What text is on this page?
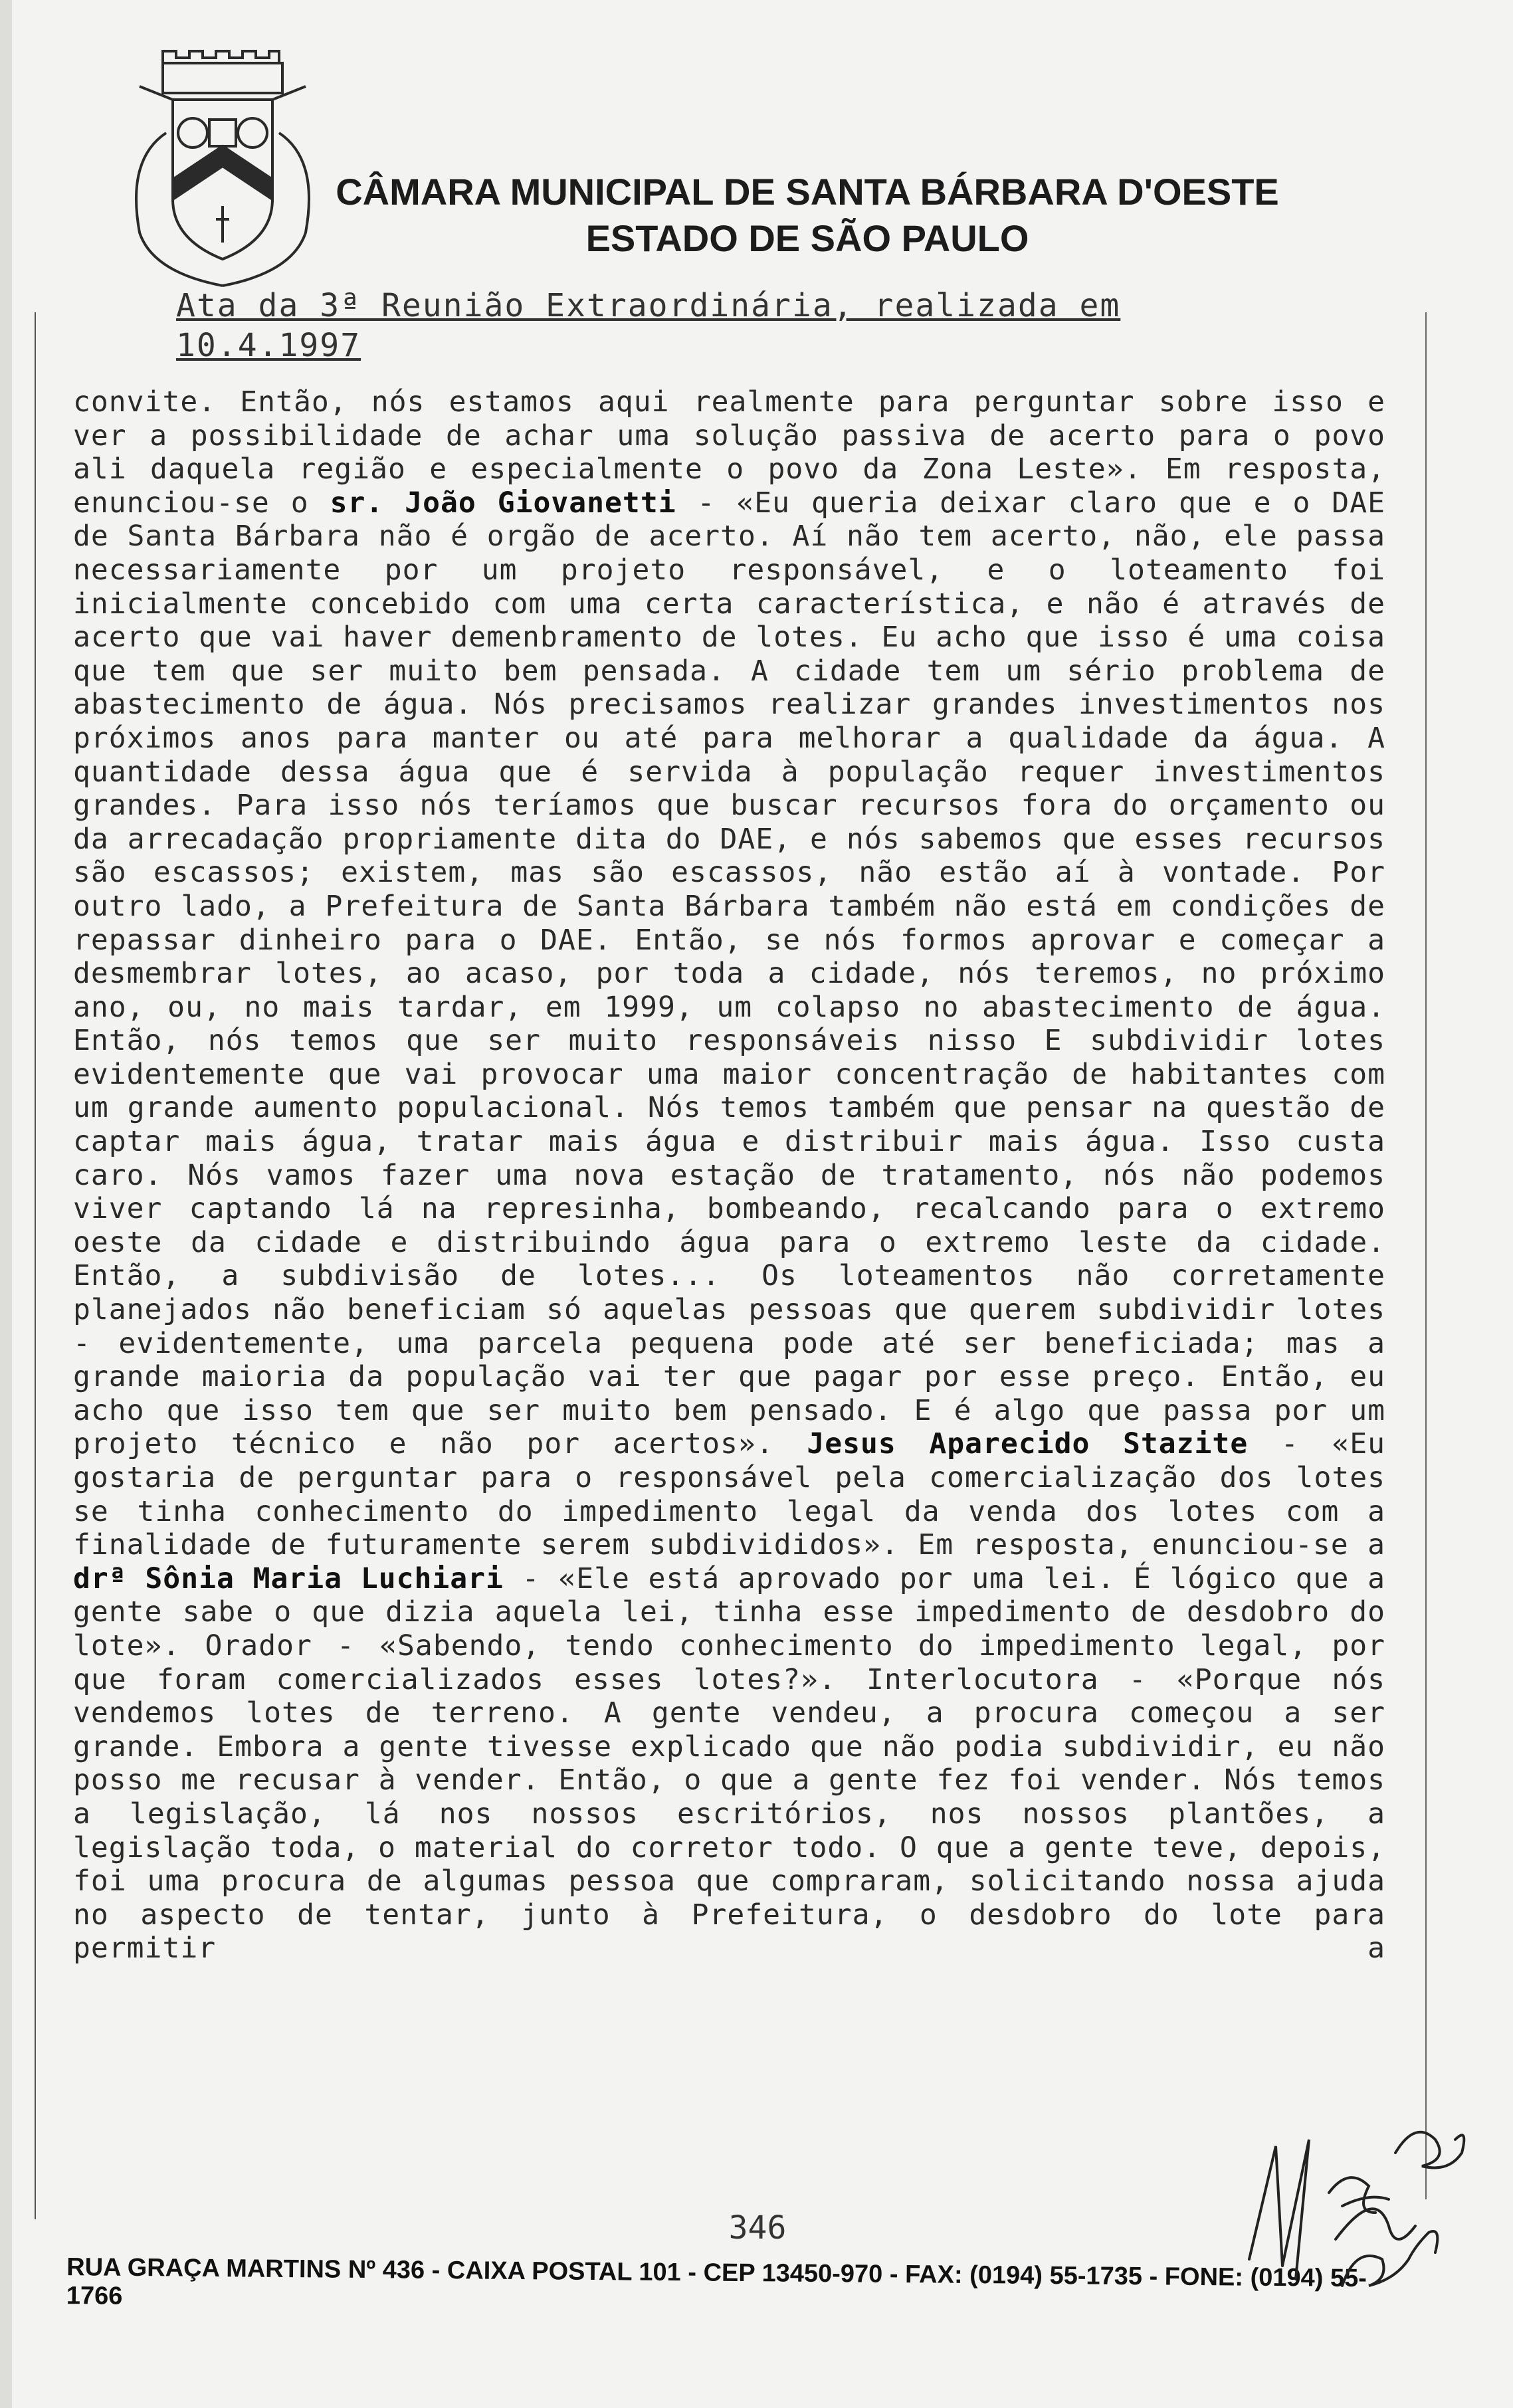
CÂMARA MUNICIPAL DE SANTA BÁRBARA D'OESTE
ESTADO DE SÃO PAULO
Ata da 3ª Reunião Extraordinária, realizada em 10.4.1997

convite. Então, nós estamos aqui realmente para perguntar sobre isso e ver a possibilidade de achar uma solução passiva de acerto para o povo ali daquela região e especialmente o povo da Zona Leste». Em resposta, enunciou-se o sr. João Giovanetti - «Eu queria deixar claro que e o DAE de Santa Bárbara não é orgão de acerto. Aí não tem acerto, não, ele passa necessariamente por um projeto responsável, e o loteamento foi inicialmente concebido com uma certa característica, e não é através de acerto que vai haver demenbramento de lotes. Eu acho que isso é uma coisa que tem que ser muito bem pensada. A cidade tem um sério problema de abastecimento de água. Nós precisamos realizar grandes investimentos nos próximos anos para manter ou até para melhorar a qualidade da água. A quantidade dessa água que é servida à população requer investimentos grandes. Para isso nós teríamos que buscar recursos fora do orçamento ou da arrecadação propriamente dita do DAE, e nós sabemos que esses recursos são escassos; existem, mas são escassos, não estão aí à vontade. Por outro lado, a Prefeitura de Santa Bárbara também não está em condições de repassar dinheiro para o DAE. Então, se nós formos aprovar e começar a desmembrar lotes, ao acaso, por toda a cidade, nós teremos, no próximo ano, ou, no mais tardar, em 1999, um colapso no abastecimento de água. Então, nós temos que ser muito responsáveis nisso E subdividir lotes evidentemente que vai provocar uma maior concentração de habitantes com um grande aumento populacional. Nós temos também que pensar na questão de captar mais água, tratar mais água e distribuir mais água. Isso custa caro. Nós vamos fazer uma nova estação de tratamento, nós não podemos viver captando lá na represinha, bombeando, recalcando para o extremo oeste da cidade e distribuindo água para o extremo leste da cidade. Então, a subdivisão de lotes... Os loteamentos não corretamente planejados não beneficiam só aquelas pessoas que querem subdividir lotes - evidentemente, uma parcela pequena pode até ser beneficiada; mas a grande maioria da população vai ter que pagar por esse preço. Então, eu acho que isso tem que ser muito bem pensado. E é algo que passa por um projeto técnico e não por acertos». Jesus Aparecido Stazite - «Eu gostaria de perguntar para o responsável pela comercialização dos lotes se tinha conhecimento do impedimento legal da venda dos lotes com a finalidade de futuramente serem subdivididos». Em resposta, enunciou-se a drª Sônia Maria Luchiari - «Ele está aprovado por uma lei. É lógico que a gente sabe o que dizia aquela lei, tinha esse impedimento de desdobro do lote». Orador - «Sabendo, tendo conhecimento do impedimento legal, por que foram comercializados esses lotes?». Interlocutora - «Porque nós vendemos lotes de terreno. A gente vendeu, a procura começou a ser grande. Embora a gente tivesse explicado que não podia subdividir, eu não posso me recusar à vender. Então, o que a gente fez foi vender. Nós temos a legislação, lá nos nossos escritórios, nos nossos plantões, a legislação toda, o material do corretor todo. O que a gente teve, depois, foi uma procura de algumas pessoa que compraram, solicitando nossa ajuda no aspecto de tentar, junto à Prefeitura, o desdobro do lote para permitir a

346
RUA GRAÇA MARTINS Nº 436 - CAIXA POSTAL 101 - CEP 13450-970 - FAX: (0194) 55-1735 - FONE: (0194) 55-1766
